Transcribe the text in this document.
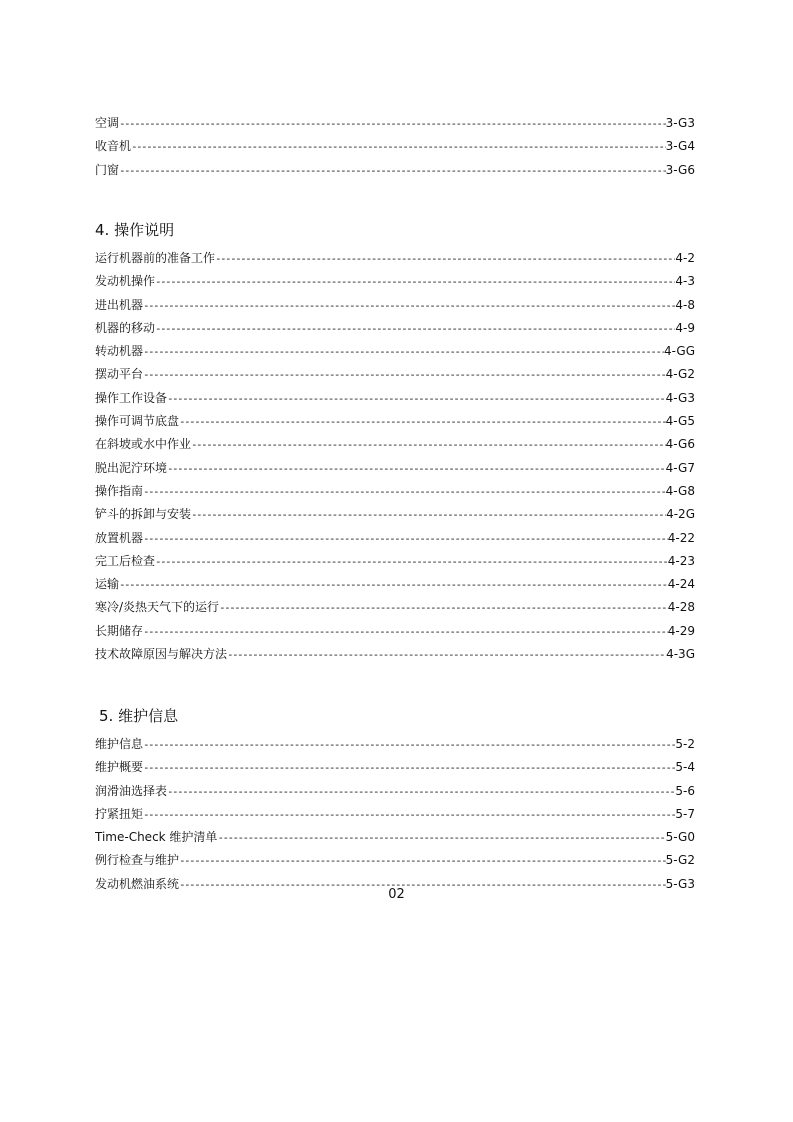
空调 -----	3-G3
收音机 -----	3-G4
门窗 -----	3-G6
4. 操作说明
运行机器前的准备工作 -----	4-2
发动机操作 -----	4-3
进出机器 -----	4-8
机器的移动 -----	4-9
转动机器 -----	4-GG
摆动平台 -----	4-G2
操作工作设备 -----	4-G3
操作可调节底盘 -----	4-G5
在斜坡或水中作业 -----	4-G6
脱出泥泞环境 -----	4-G7
操作指南 -----	4-G8
铲斗的拆卸与安装 -----	4-2G
放置机器 -----	4-22
完工后检查 -----	4-23
运输 -----	4-24
寒冷/炎热天气下的运行 -----	4-28
长期储存 -----	4-29
技术故障原因与解决方法 -----	4-3G
5. 维护信息
维护信息 -----	5-2
维护概要 -----	5-4
润滑油选择表 -----	5-6
拧紧扭矩 -----	5-7
Time-Check 维护清单 -----	5-G0
例行检查与维护 -----	5-G2
发动机燃油系统 -----	5-G3
02
